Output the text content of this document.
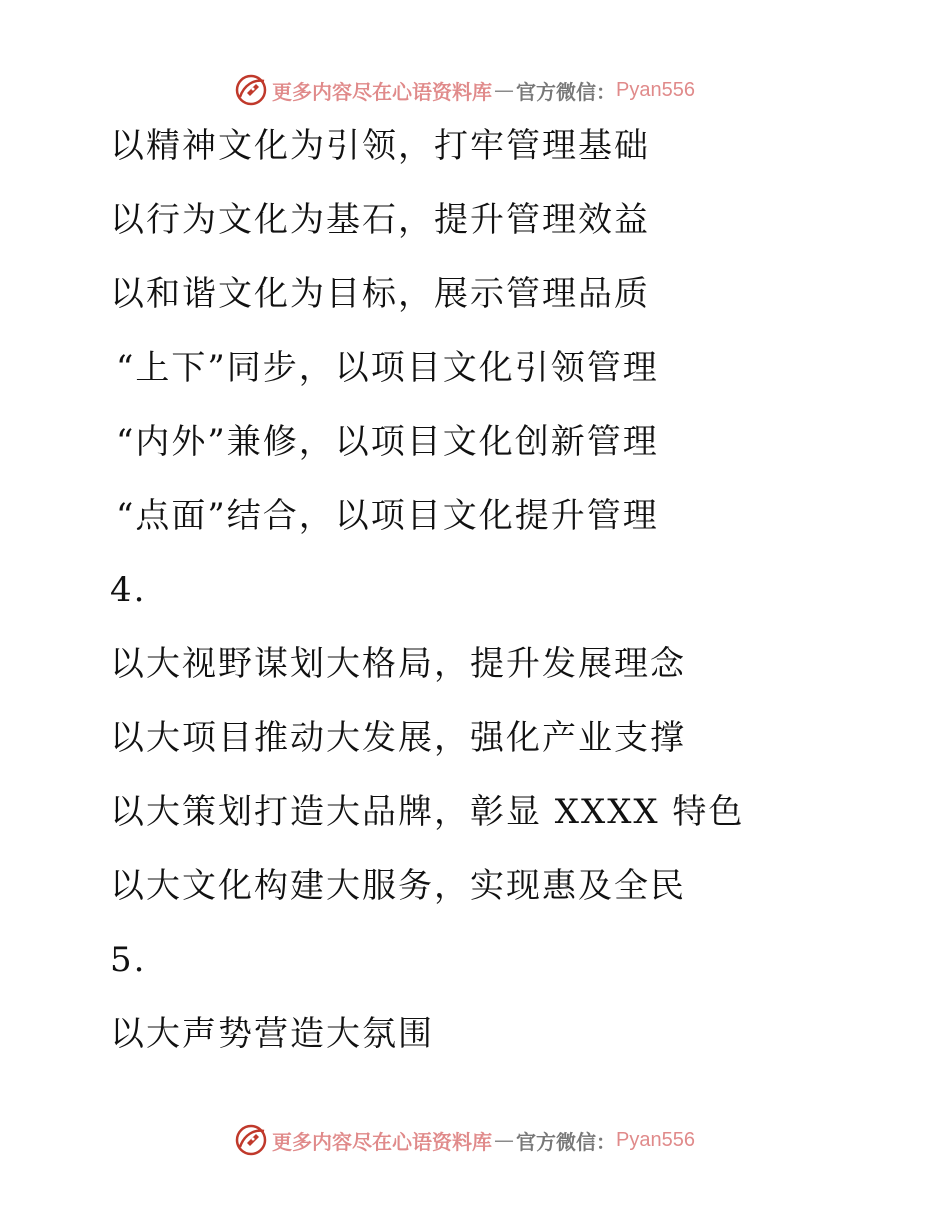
更多内容尽在心语资料库 — 官方微信： Pyan556
以精神文化为引领，打牢管理基础
以行为文化为基石，提升管理效益
以和谐文化为目标，展示管理品质
“上下”同步，以项目文化引领管理
“内外”兼修，以项目文化创新管理
“点面”结合，以项目文化提升管理
4.
以大视野谋划大格局，提升发展理念
以大项目推动大发展，强化产业支撑
以大策划打造大品牌，彰显 XXXX 特色
以大文化构建大服务，实现惠及全民
5.
以大声势营造大氛围
更多内容尽在心语资料库 — 官方微信： Pyan556
